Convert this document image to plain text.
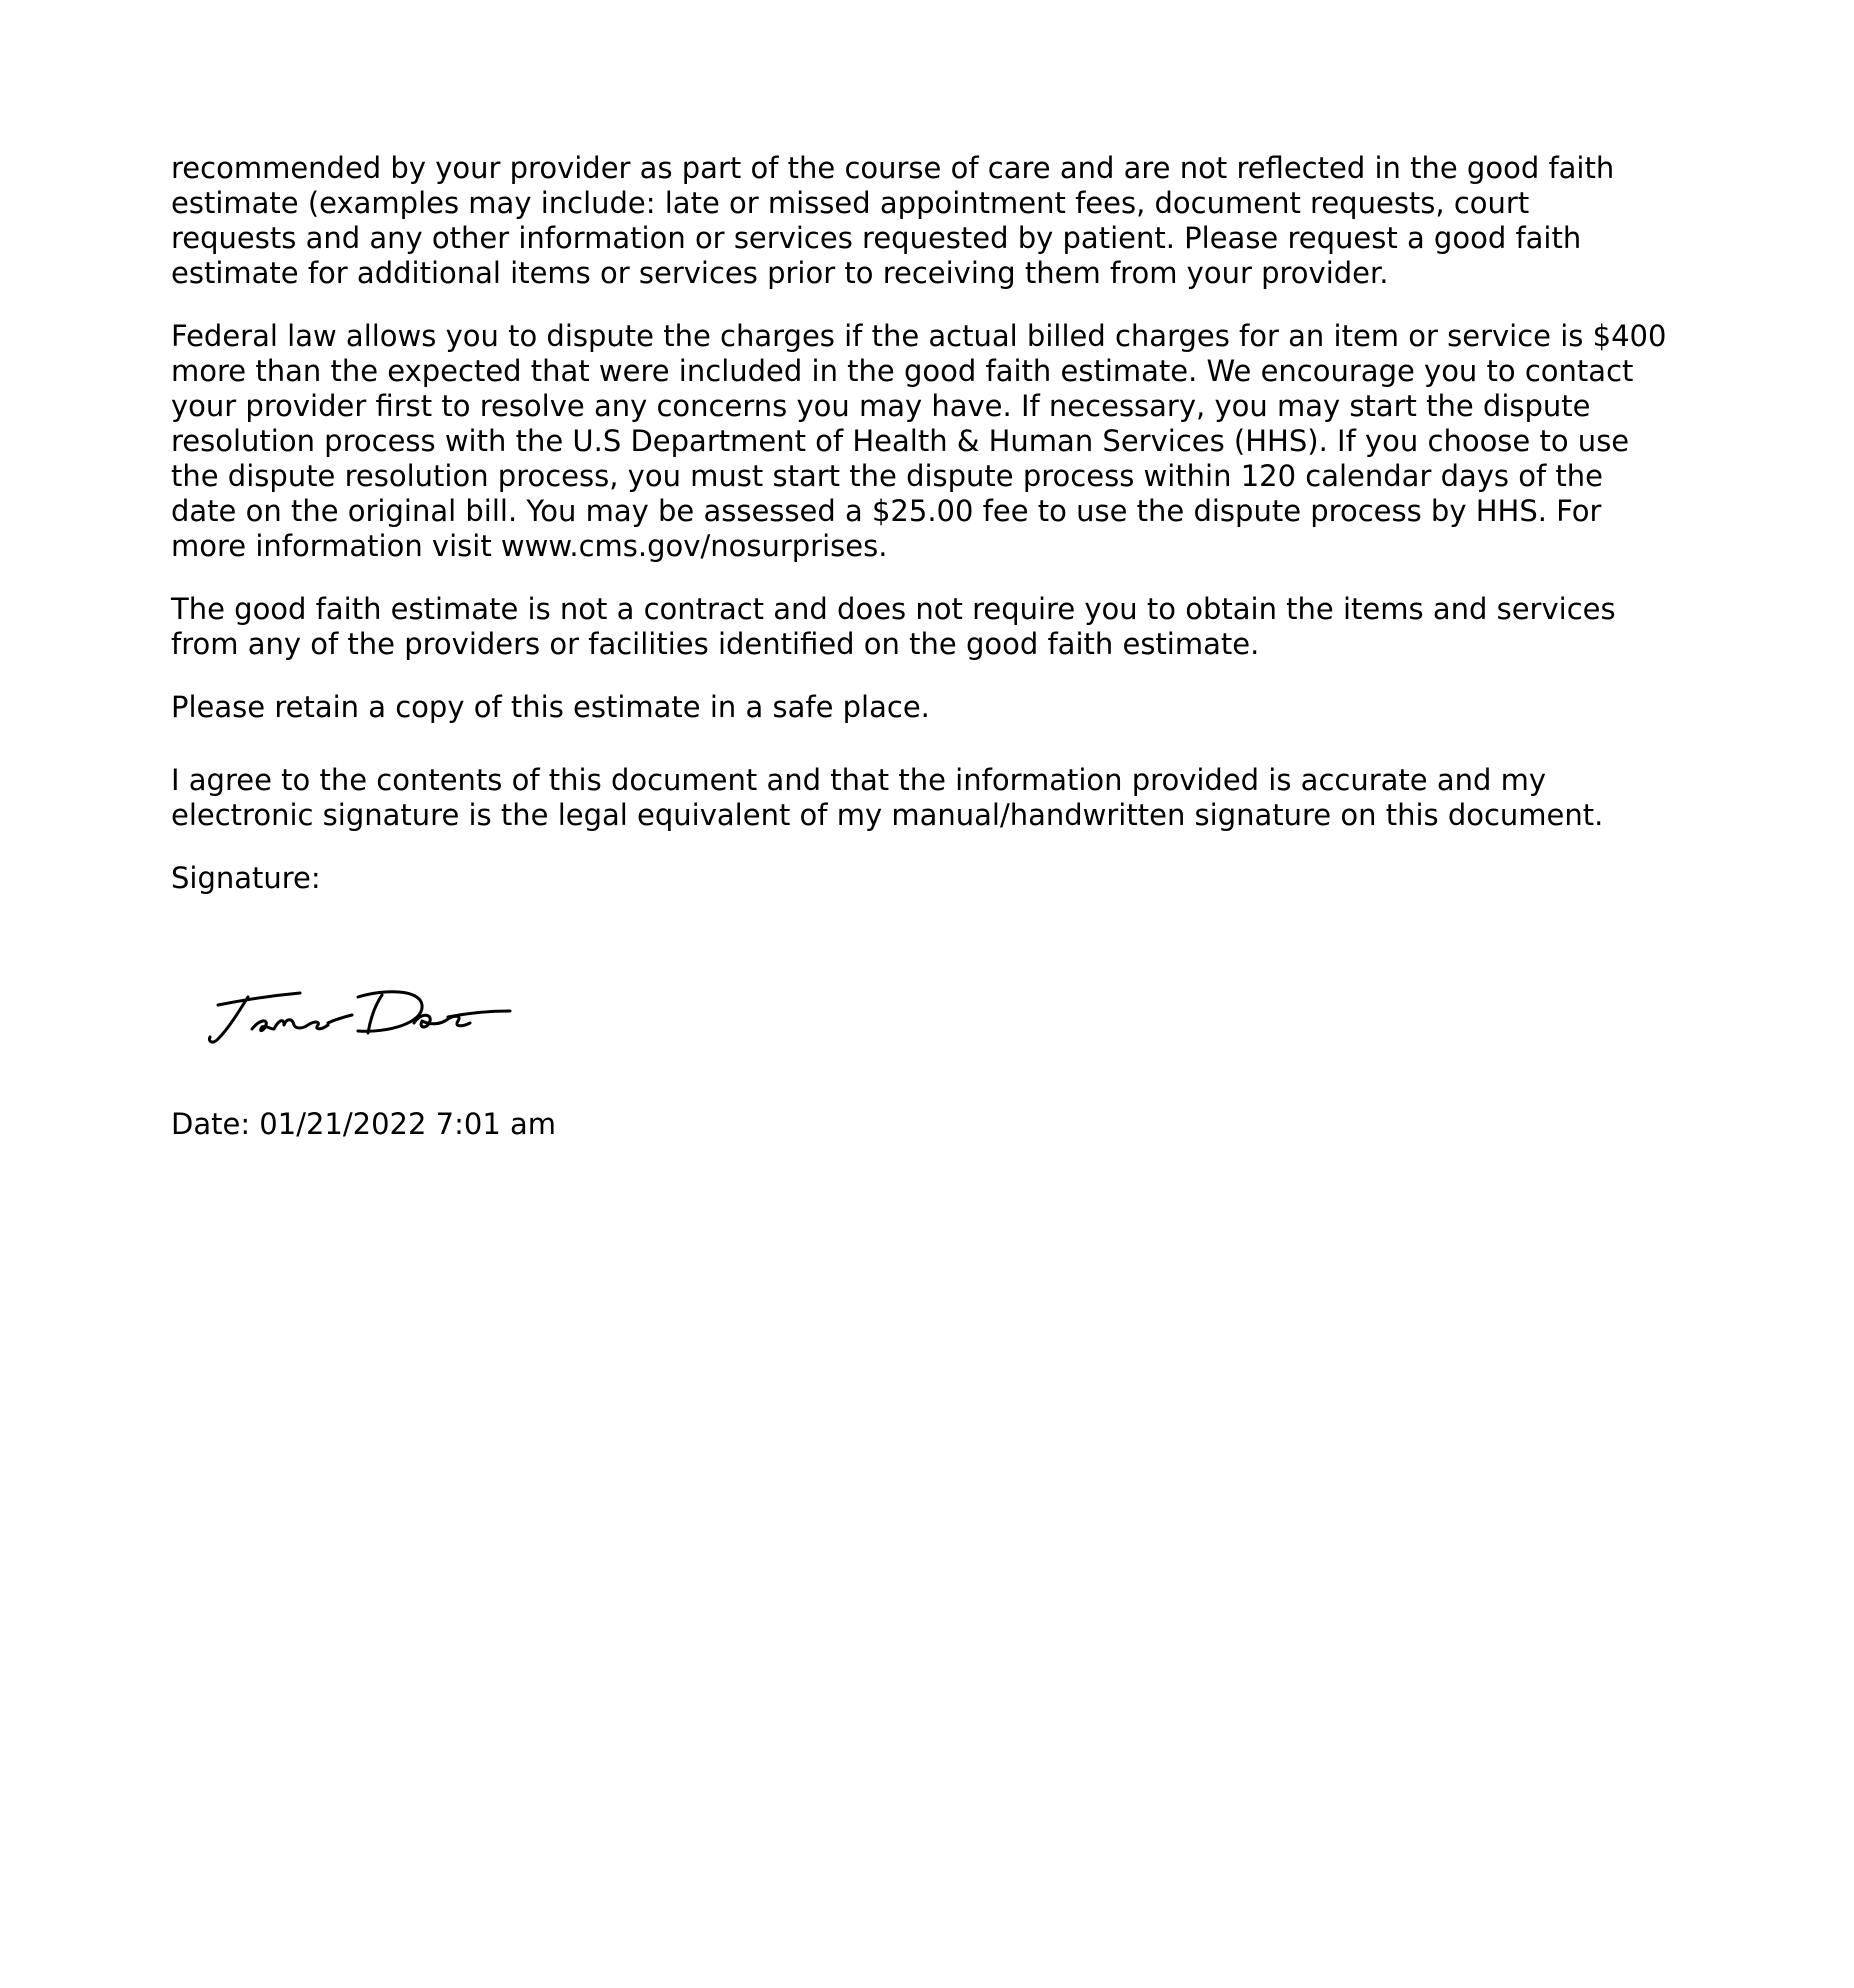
recommended by your provider as part of the course of care and are not reflected in the good faith
estimate (examples may include: late or missed appointment fees, document requests, court
requests and any other information or services requested by patient. Please request a good faith
estimate for additional items or services prior to receiving them from your provider.

Federal law allows you to dispute the charges if the actual billed charges for an item or service is $400
more than the expected that were included in the good faith estimate. We encourage you to contact
your provider first to resolve any concerns you may have. If necessary, you may start the dispute
resolution process with the U.S Department of Health & Human Services (HHS). If you choose to use
the dispute resolution process, you must start the dispute process within 120 calendar days of the
date on the original bill. You may be assessed a $25.00 fee to use the dispute process by HHS. For
more information visit www.cms.gov/nosurprises.

The good faith estimate is not a contract and does not require you to obtain the items and services
from any of the providers or facilities identified on the good faith estimate.

Please retain a copy of this estimate in a safe place.

I agree to the contents of this document and that the information provided is accurate and my
electronic signature is the legal equivalent of my manual/handwritten signature on this document.

Signature:

Date: 01/21/2022 7:01 am
